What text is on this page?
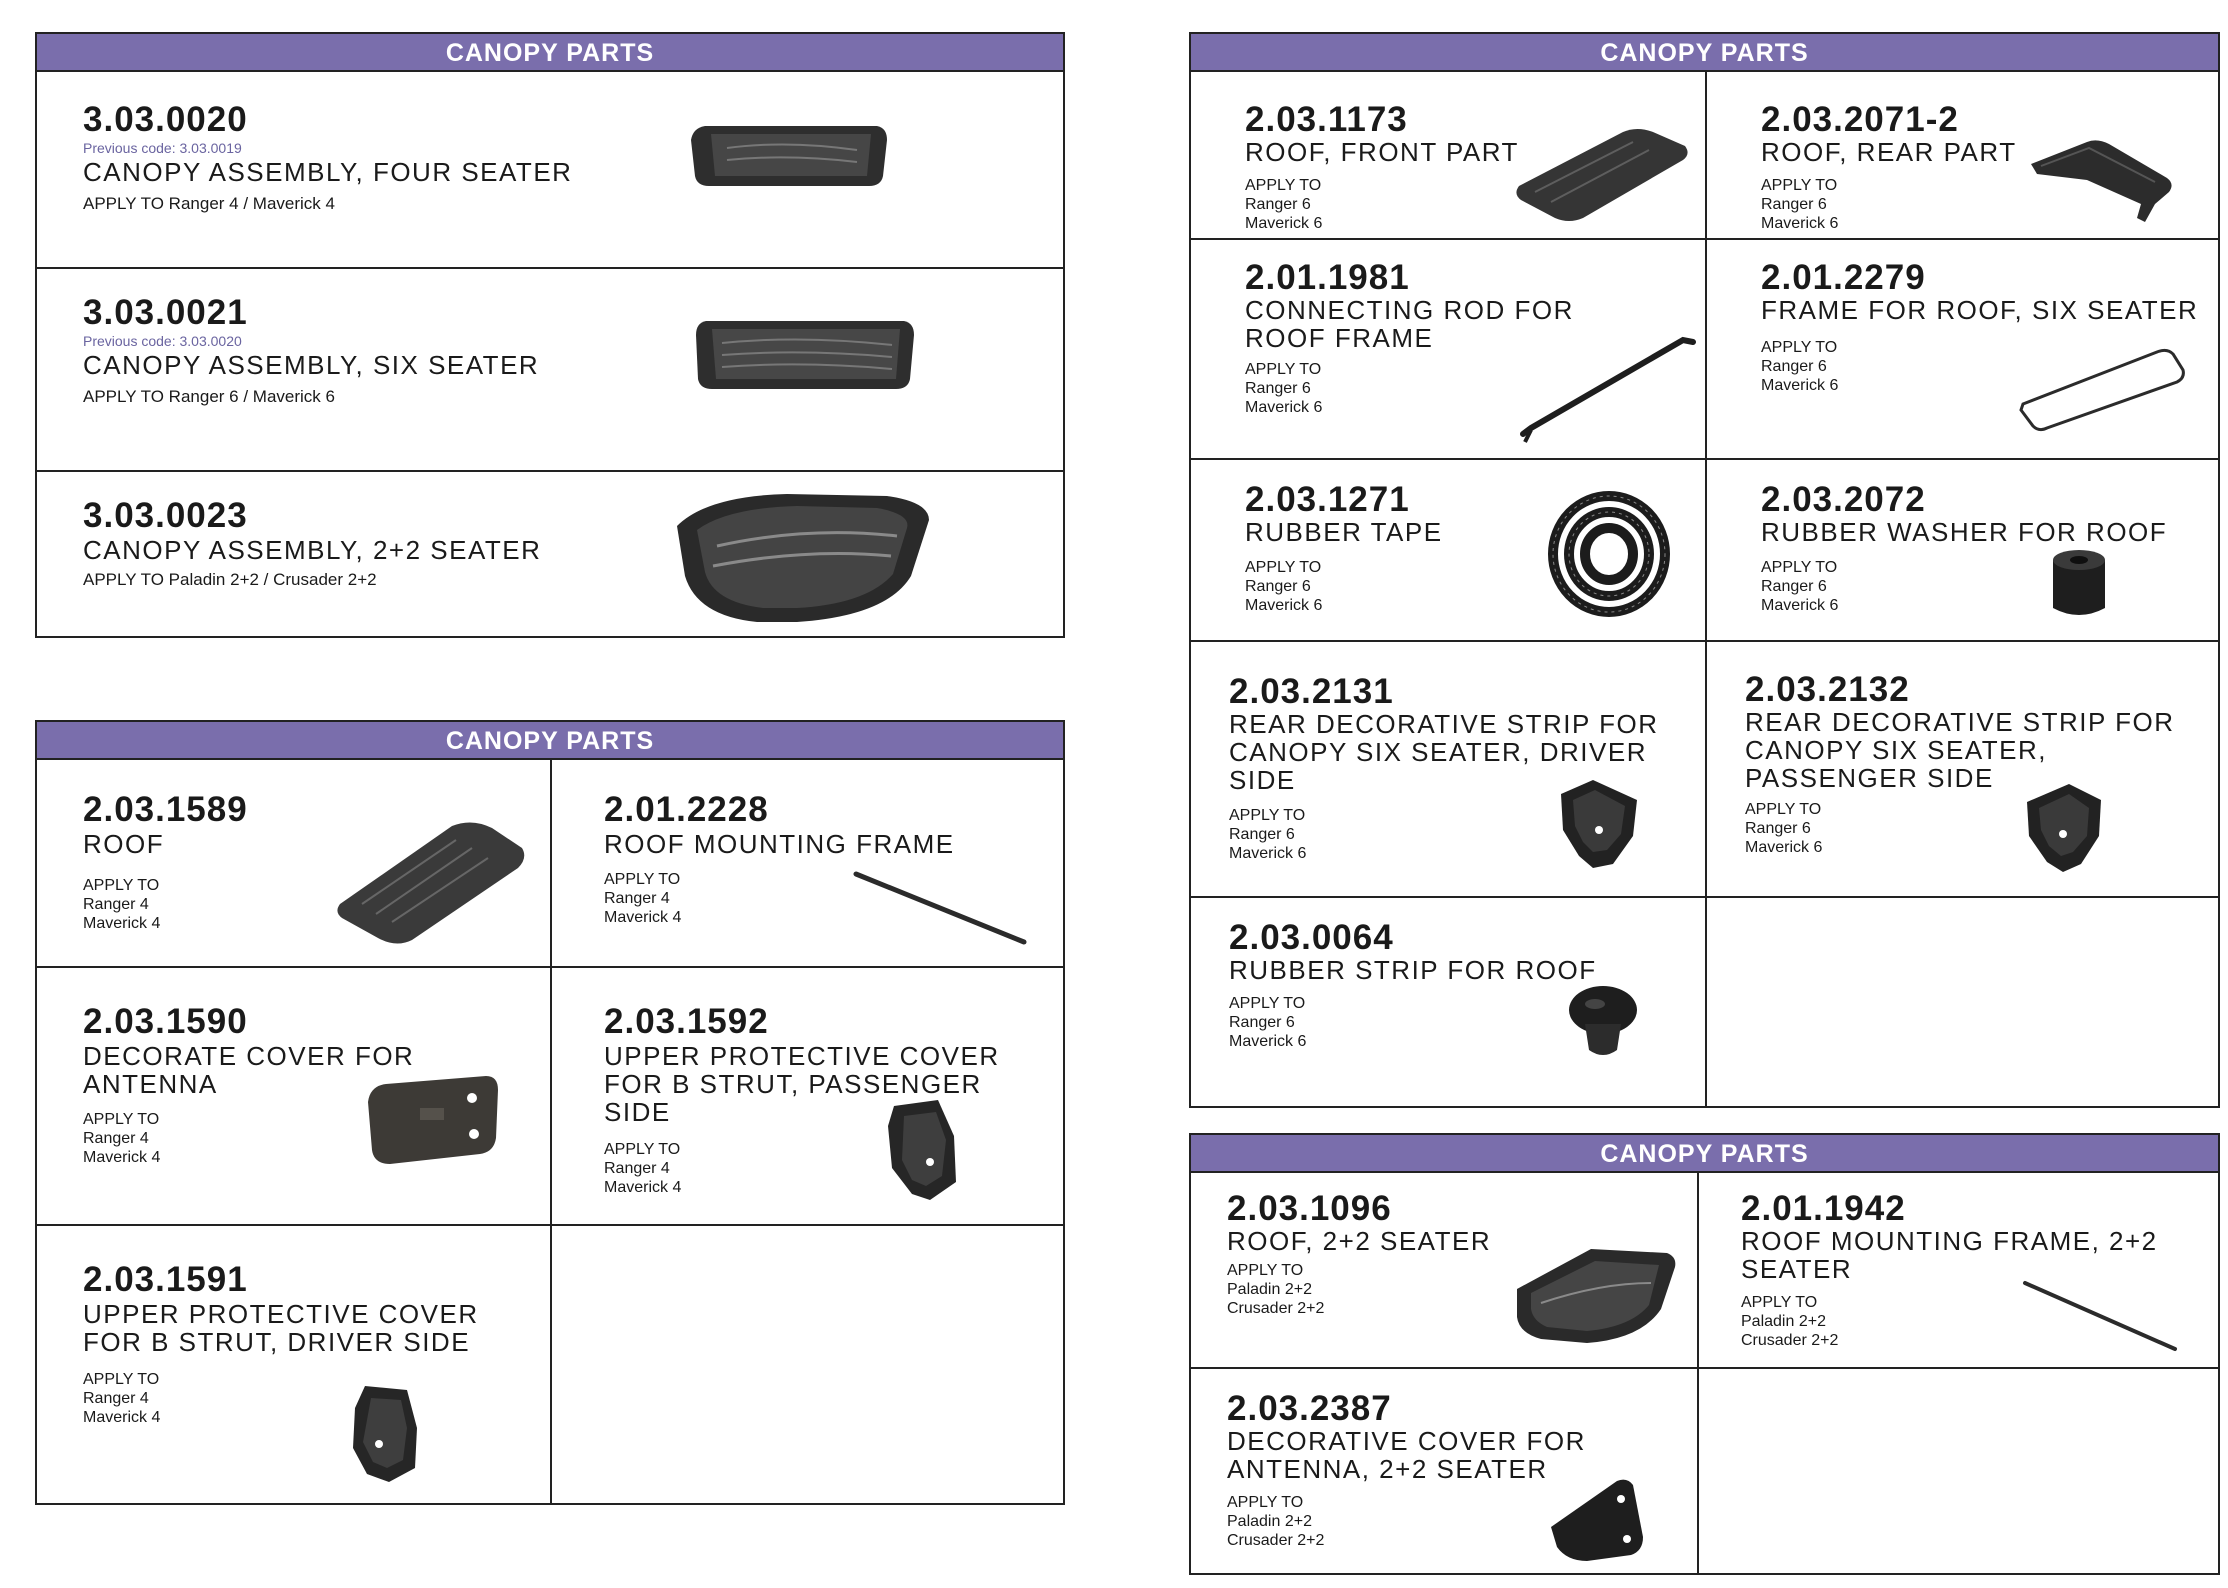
CANOPY PARTS
3.03.0020
Previous code: 3.03.0019
CANOPY ASSEMBLY, FOUR SEATER
APPLY TO Ranger 4 / Maverick 4
3.03.0021
Previous code: 3.03.0020
CANOPY ASSEMBLY, SIX SEATER
APPLY TO Ranger 6 / Maverick 6
3.03.0023
CANOPY ASSEMBLY, 2+2 SEATER
APPLY TO Paladin 2+2 / Crusader 2+2
CANOPY PARTS
2.03.1589
ROOF
APPLY TO
Ranger 4
Maverick 4
2.01.2228
ROOF MOUNTING FRAME
APPLY TO
Ranger 4
Maverick 4
2.03.1590
DECORATE COVER FOR ANTENNA
APPLY TO
Ranger 4
Maverick 4
2.03.1592
UPPER PROTECTIVE COVER FOR B STRUT, PASSENGER SIDE
APPLY TO
Ranger 4
Maverick 4
2.03.1591
UPPER PROTECTIVE COVER FOR B STRUT, DRIVER SIDE
APPLY TO
Ranger 4
Maverick 4
CANOPY PARTS
2.03.1173
ROOF, FRONT PART
APPLY TO
Ranger 6
Maverick 6
2.03.2071-2
ROOF, REAR PART
APPLY TO
Ranger 6
Maverick 6
2.01.1981
CONNECTING ROD FOR ROOF FRAME
APPLY TO
Ranger 6
Maverick 6
2.01.2279
FRAME FOR ROOF, SIX SEATER
APPLY TO
Ranger 6
Maverick 6
2.03.1271
RUBBER TAPE
APPLY TO
Ranger 6
Maverick 6
2.03.2072
RUBBER WASHER FOR ROOF
APPLY TO
Ranger 6
Maverick 6
2.03.2131
REAR DECORATIVE STRIP FOR CANOPY SIX SEATER, DRIVER SIDE
APPLY TO
Ranger 6
Maverick 6
2.03.2132
REAR DECORATIVE STRIP FOR CANOPY SIX SEATER, PASSENGER SIDE
APPLY TO
Ranger 6
Maverick 6
2.03.0064
RUBBER STRIP FOR ROOF
APPLY TO
Ranger 6
Maverick 6
CANOPY PARTS
2.03.1096
ROOF, 2+2 SEATER
APPLY TO
Paladin 2+2
Crusader 2+2
2.01.1942
ROOF MOUNTING FRAME, 2+2 SEATER
APPLY TO
Paladin 2+2
Crusader 2+2
2.03.2387
DECORATIVE COVER FOR ANTENNA, 2+2 SEATER
APPLY TO
Paladin 2+2
Crusader 2+2
